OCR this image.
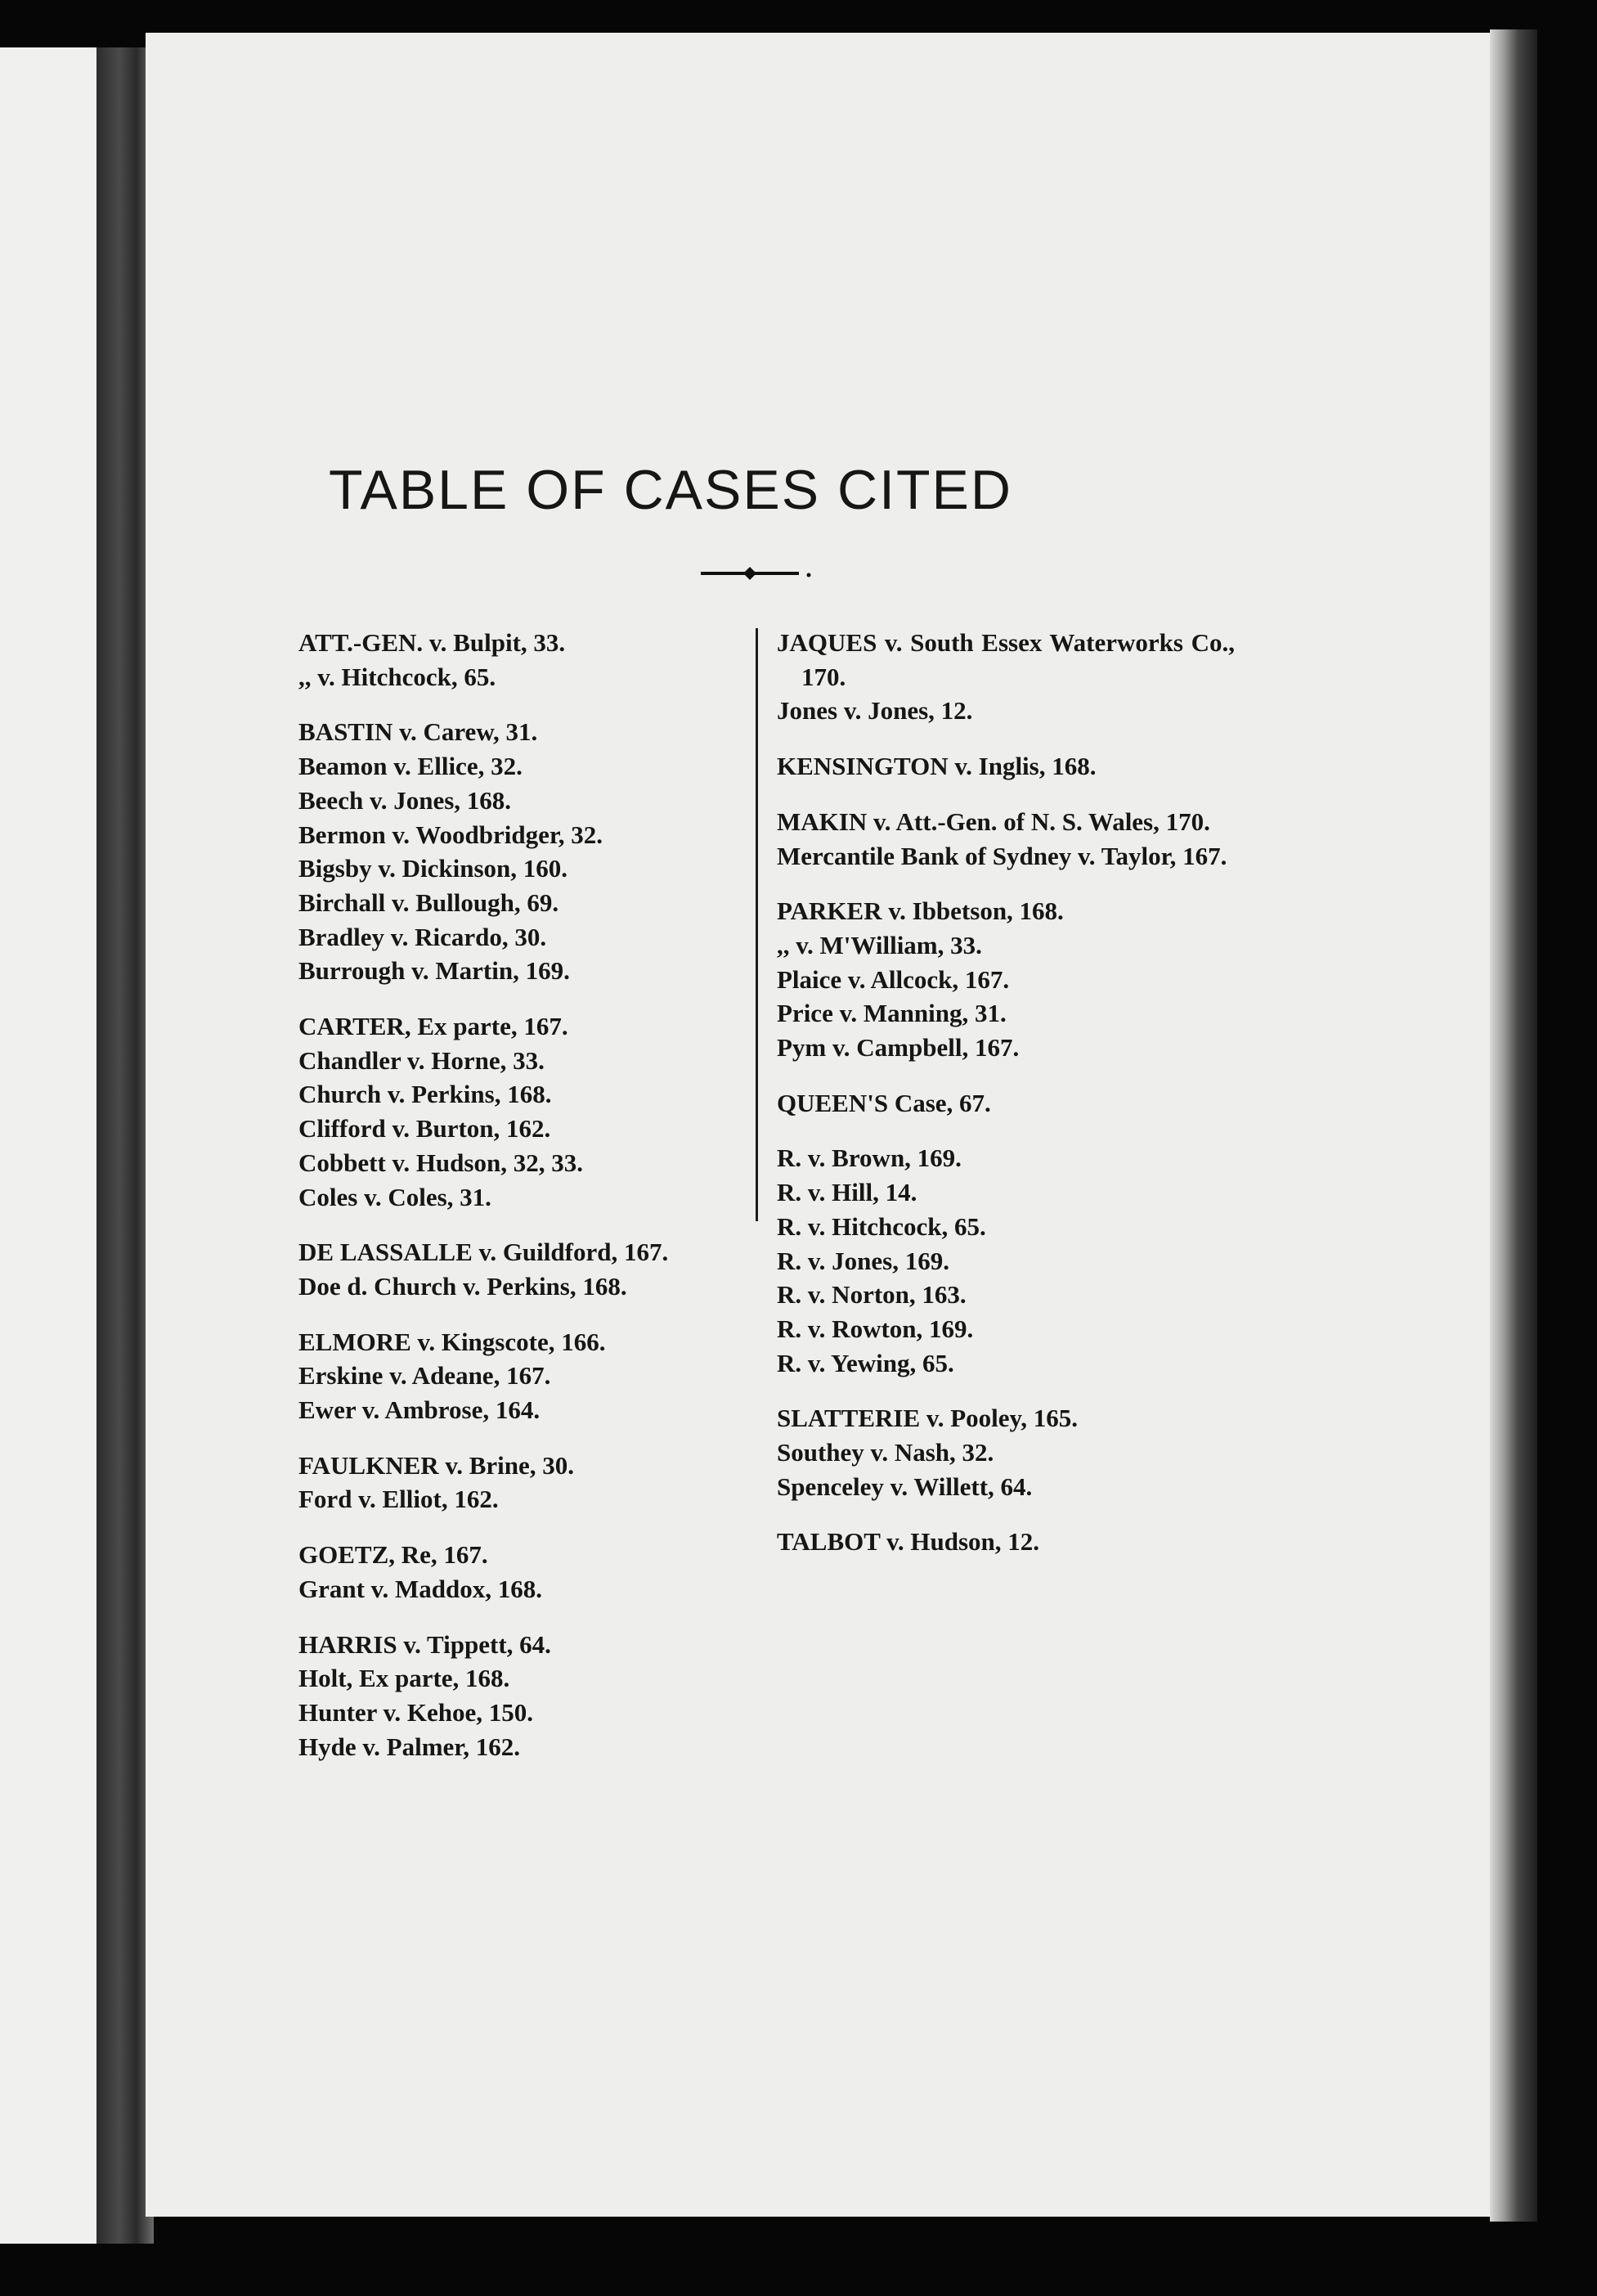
TABLE OF CASES CITED
ATT.-GEN. v. Bulpit, 33.
,, v. Hitchcock, 65.
BASTIN v. Carew, 31.
Beamon v. Ellice, 32.
Beech v. Jones, 168.
Bermon v. Woodbridger, 32.
Bigsby v. Dickinson, 160.
Birchall v. Bullough, 69.
Bradley v. Ricardo, 30.
Burrough v. Martin, 169.
CARTER, Ex parte, 167.
Chandler v. Horne, 33.
Church v. Perkins, 168.
Clifford v. Burton, 162.
Cobbett v. Hudson, 32, 33.
Coles v. Coles, 31.
DE LASSALLE v. Guildford, 167.
Doe d. Church v. Perkins, 168.
ELMORE v. Kingscote, 166.
Erskine v. Adeane, 167.
Ewer v. Ambrose, 164.
FAULKNER v. Brine, 30.
Ford v. Elliot, 162.
GOETZ, Re, 167.
Grant v. Maddox, 168.
HARRIS v. Tippett, 64.
Holt, Ex parte, 168.
Hunter v. Kehoe, 150.
Hyde v. Palmer, 162.
JAQUES v. South Essex Waterworks Co., 170.
Jones v. Jones, 12.
KENSINGTON v. Inglis, 168.
MAKIN v. Att.-Gen. of N. S. Wales, 170.
Mercantile Bank of Sydney v. Taylor, 167.
PARKER v. Ibbetson, 168.
,, v. M'William, 33.
Plaice v. Allcock, 167.
Price v. Manning, 31.
Pym v. Campbell, 167.
QUEEN'S Case, 67.
R. v. Brown, 169.
R. v. Hill, 14.
R. v. Hitchcock, 65.
R. v. Jones, 169.
R. v. Norton, 163.
R. v. Rowton, 169.
R. v. Yewing, 65.
SLATTERIE v. Pooley, 165.
Southey v. Nash, 32.
Spenceley v. Willett, 64.
TALBOT v. Hudson, 12.
